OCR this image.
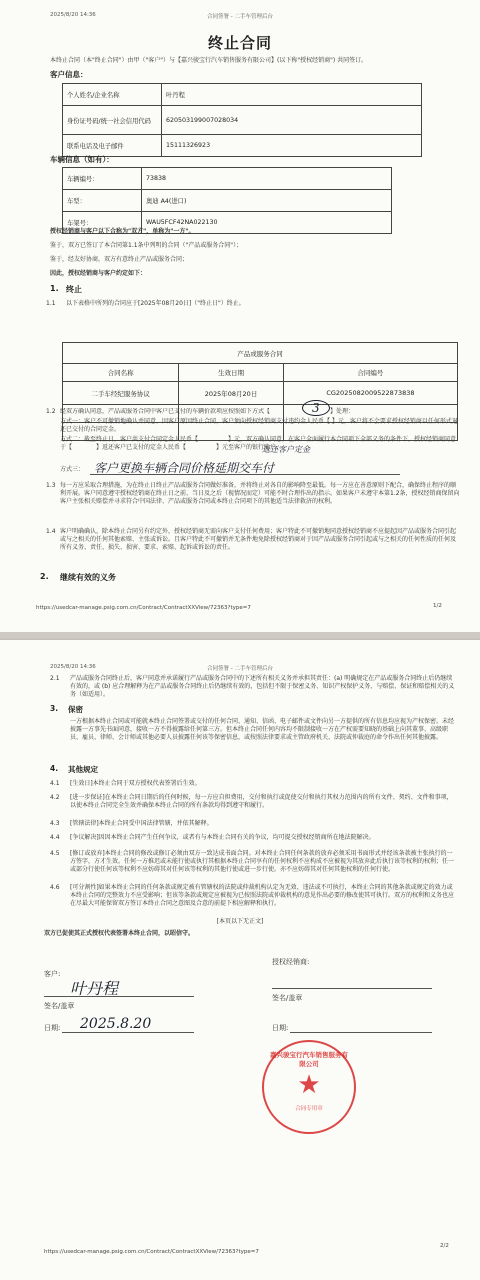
2025/8/20 14:36	合同签署 - 二手车管理后台
终止合同
本终止合同（本"终止合同"）由甲（"客户"）与【嘉兴骏宝行汽车销售服务有限公司】(以下称"授权经销商") 共同签订。
客户信息：
个人姓名/企业名称	叶丹程
身份证号码/统一社会信用代码	620503199007028034
联系电话及电子邮件	15111326923
车辆信息（如有）：
车辆编号：	73838
车型：	奥迪 A4(进口)
车架号：	WAU5FCF42NA022130
授权经销商与客户以下合称为"双方"，单称为"一方"。
鉴于，双方已签订了本合同第1.1条中列明的合同（"产品或服务合同"）；
鉴于，经友好协商，双方有意终止产品或服务合同；
因此，授权经销商与客户约定如下：
1. 终止
1.1 以下表格中所列的合同应于[2025年08月20日]（"终止日"）终止。
产品或服务合同		
合同名称	生效日期	合同编号
二手车经纪服务协议	2025年08月20日	CG20250820095228738​38

1.2 经双方确认同意，产品或服务合同中客户已支付的车辆价款项应按照如下方式【	3 】处理：
方式一：客户不可撤销地确认并同意，因客户原因终止合同，客户须向授权经销商支付违约金人民币【 】元，客户将不会要求授权经销商以任何形式退还已交付的合同定金。
方式二：截至终止日，客户共支付合同定金人民币【　　　　　】元，双方确认同意，在客户全面履行本合同项下全部义务的条件下，授权经销商同意于【　　　　】返还客户已支付的定金人民币【　　　　　】元至客户的银行账户。
返还客户定金
方式三： 客户更换车辆合同价格延期交车付
1.3 每一方应采取合理措施，为在终止日终止产品或服务合同做好准备，并将终止对各自的影响降至最低。每一方应在善意原则下配合，确保终止程序的顺利开展。客户同意遵守授权经销商在终止日之前、当日及之后（视情况而定）可能不时合理作出的指示。如果客户未遵守本第1.2条，授权经销商保留向客户主张相关赔偿并寻求符合中国法律、产品或服务合同或本终止合同项下的其他适当法律救济的权利。
1.4 客户明确确认，除本终止合同另有约定外，授权经销商无需向客户支付任何费用；客户特此不可撤销地同意授权经销商不应提起因产品或服务合同引起或与之相关的任何其他索赔、主张或诉讼。且客户特此不可撤销并无条件地免除授权经销商对于因产品或服务合同引起或与之相关的任何性质的任何及所有义务、责任、损失、损害、要求、索赔、起诉或诉讼的责任。
2. 继续有效的义务
https://usedcar-manage.psig.com.cn/Contract/ContractXXView/72363?type=7	1/2
2025/8/20 14:36	合同签署 - 二手车管理后台
2.1 产品或服务合同终止后，客户同意并承诺履行产品或服务合同中的下述所有相关义务并承担其责任：(a) 明确规定在产品或服务合同终止后仍继续有效的，或 (b) 应合理解释为在产品或服务合同终止后仍继续有效的，包括但不限于保密义务、知识产权保护义务、与赔偿、保证和赔偿相关的义务（如适用）。
3. 保密
一方根据本终止合同或可能就本终止合同签署或交付的任何合同、通知、信函、电子邮件或文件向另一方提供的所有信息均应视为产权保密。未经披露一方事先书面同意，接收一方不得披露给任何第三方。但本终止合同任何内容均不限制接收一方在产权需要知晓的基础上向其董事、高级职员、雇员、律师、会计师或其他必要人员披露任何该等保密信息，或按照法律要求或主管政府机关、法院或仲裁庭的命令作出任何其他披露。
4. 其他规定
4.1 [生效日]本终止合同于双方授权代表签署后生效。
4.2 [进一步保证]在本终止合同日期后的任何时候，每一方应自担费用，交付和执行或促使交付和执行其权力范围内的所有文件、契约、文件和事项，以使本终止合同完全生效并确保本终止合同的所有条款均得到遵守和履行。
4.3 [管辖法律]本终止合同受中国法律管辖，并依其解释。
4.4 [争议解决]因因本终止合同产生任何争议，或者有与本终止合同有关的争议，均可提交授权经销商所在地法院解决。
4.5 [修订或放弃]本终止合同的修改或修订必须由双方一致达成书面合同。对本终止合同任何条款的放弃必须采用书面形式并经该条款被主张执行的一方签字，方才生效。任何一方推迟或未能行使或执行其根据本终止合同享有的任何权利不应构成不应被视为其放弃此后执行该等权利的权利；任一或部分行使任何该等权利不应妨碍其对任何该等权利的其他行使或进一步行使。亦不应妨碍其对任何其他权利的任何行使。
4.6 [可分割性]如果本终止合同的任何条款或规定被有管辖权的法院或仲裁机构认定为无效、违法或不可执行，本终止合同的其他条款或规定的效力或本终止合同的完整效力不应受影响；但该等条款或规定应被视为已按照法院或仲裁机构的意见作出必要的修改使其可执行。双方的权利和义务也应在尽最大可能保留双方签订本终止合同之意图及合意的前提下相应解释和执行。
[本页以下无正文]
双方已促使其正式授权代表签署本终止合同，以昭信守。
客户:
叶丹程
签名/盖章
日期: 2025.8.20
授权经销商:
签名/盖章
日期:
https://usedcar-manage.psig.com.cn/Contract/ContractXXView/72363?type=7
2/2
嘉兴骏宝行汽车销售服务有限公司
★
合同专用章
